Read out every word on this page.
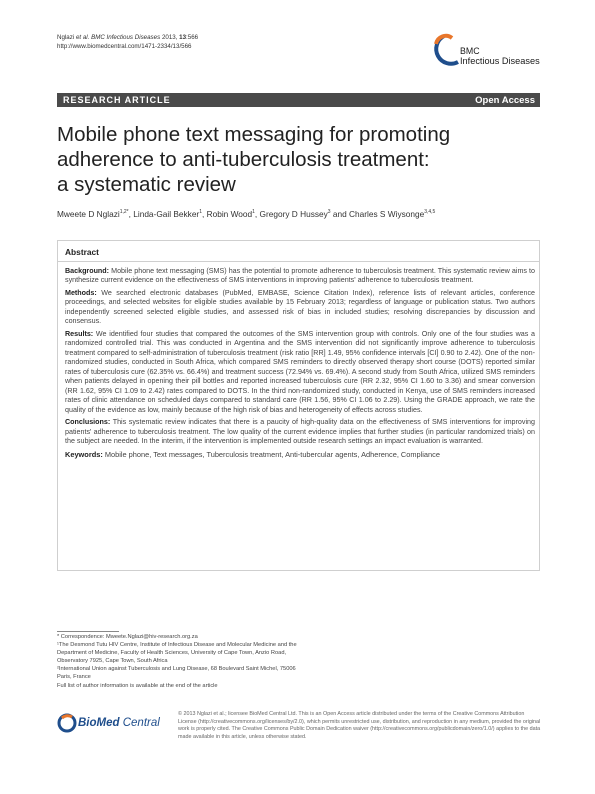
Nglazi et al. BMC Infectious Diseases 2013, 13:566
http://www.biomedcentral.com/1471-2334/13/566	BMC
Infectious Diseases
RESEARCH ARTICLE	Open Access
Mobile phone text messaging for promoting
adherence to anti-tuberculosis treatment:
a systematic review
Mweete D Nglazi$^{1,2*}$, Linda-Gail Bekker$^1$, Robin Wood$^1$, Gregory D Hussey$^3$ and Charles S Wiysonge$^{3,4,5}$
Abstract

Background: Mobile phone text messaging (SMS) has the potential to promote adherence to tuberculosis treatment. This systematic review aims to synthesize current evidence on the effectiveness of SMS interventions in improving patients' adherence to tuberculosis treatment.

Methods: We searched electronic databases (PubMed, EMBASE, Science Citation Index), reference lists of relevant articles, conference proceedings, and selected websites for eligible studies available by 15 February 2013; regardless of language or publication status. Two authors independently screened selected eligible studies, and assessed risk of bias in included studies; resolving discrepancies by discussion and consensus.

Results: We identified four studies that compared the outcomes of the SMS intervention group with controls. Only one of the four studies was a randomized controlled trial. This was conducted in Argentina and the SMS intervention did not significantly improve adherence to tuberculosis treatment compared to self-administration of tuberculosis treatment (risk ratio [RR] 1.49, 95% confidence intervals [CI] 0.90 to 2.42). One of the non-randomized studies, conducted in South Africa, which compared SMS reminders to directly observed therapy short course (DOTS) reported similar rates of tuberculosis cure (62.35% vs. 66.4%) and treatment success (72.94% vs. 69.4%). A second study from South Africa, utilized SMS reminders when patients delayed in opening their pill bottles and reported increased tuberculosis cure (RR 2.32, 95% CI 1.60 to 3.36) and smear conversion (RR 1.62, 95% CI 1.09 to 2.42) rates compared to DOTS. In the third non-randomized study, conducted in Kenya, use of SMS reminders increased rates of clinic attendance on scheduled days compared to standard care (RR 1.56, 95% CI 1.06 to 2.29). Using the GRADE approach, we rate the quality of the evidence as low, mainly because of the high risk of bias and heterogeneity of effects across studies.

Conclusions: This systematic review indicates that there is a paucity of high-quality data on the effectiveness of SMS interventions for improving patients' adherence to tuberculosis treatment. The low quality of the current evidence implies that further studies (in particular randomized trials) on the subject are needed. In the interim, if the intervention is implemented outside research settings an impact evaluation is warranted.

Keywords: Mobile phone, Text messages, Tuberculosis treatment, Anti-tubercular agents, Adherence, Compliance

* Correspondence: Mweete.Nglazi@hiv-research.org.za
¹The Desmond Tutu HIV Centre, Institute of Infectious Disease and Molecular Medicine and the Department of Medicine, Faculty of Health Sciences, University of Cape Town, Anzio Road, Observatory 7925, Cape Town, South Africa
²International Union against Tuberculosis and Lung Disease, 68 Boulevard Saint Michel, 75006 Paris, France
Full list of author information is available at the end of the article
BioMed Central
© 2013 Nglazi et al.; licensee BioMed Central Ltd. This is an Open Access article distributed under the terms of the Creative Commons Attribution License (http://creativecommons.org/licenses/by/2.0), which permits unrestricted use, distribution, and reproduction in any medium, provided the original work is properly cited. The Creative Commons Public Domain Dedication waiver (http://creativecommons.org/publicdomain/zero/1.0/) applies to the data made available in this article, unless otherwise stated.
